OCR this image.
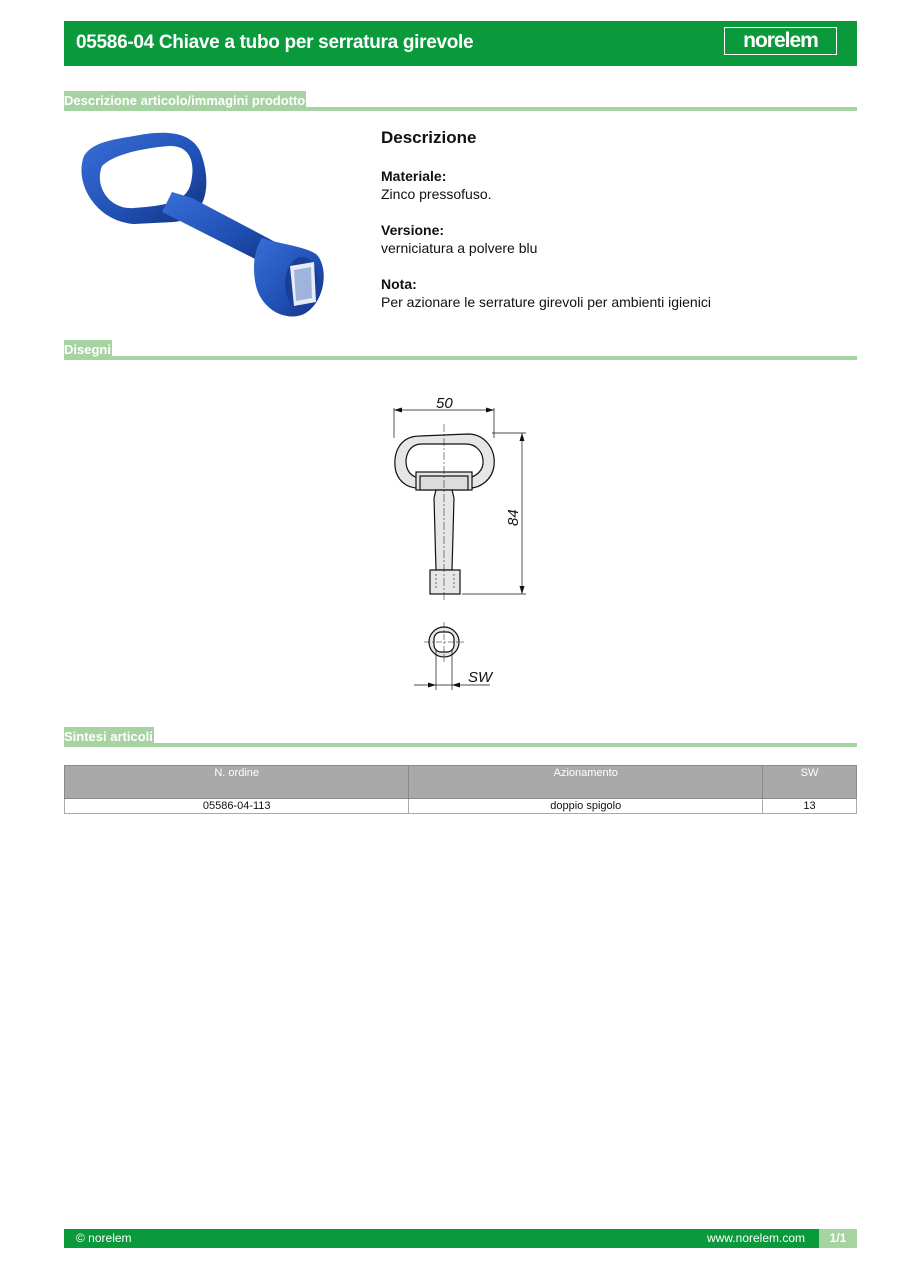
05586-04 Chiave a tubo per serratura girevole	norelem
Descrizione articolo/immagini prodotto

Descrizione

Materiale:

Zinco pressofuso.

Versione:

verniciatura a polvere blu

Nota:

Per azionare le serrature girevoli per ambienti igienici

Disegni
50
84
SW
Sintesi articoli
N. ordine	Azionamento	SW
05586-04-113	doppio spigolo	13
© norelem	www.norelem.com	1/1
